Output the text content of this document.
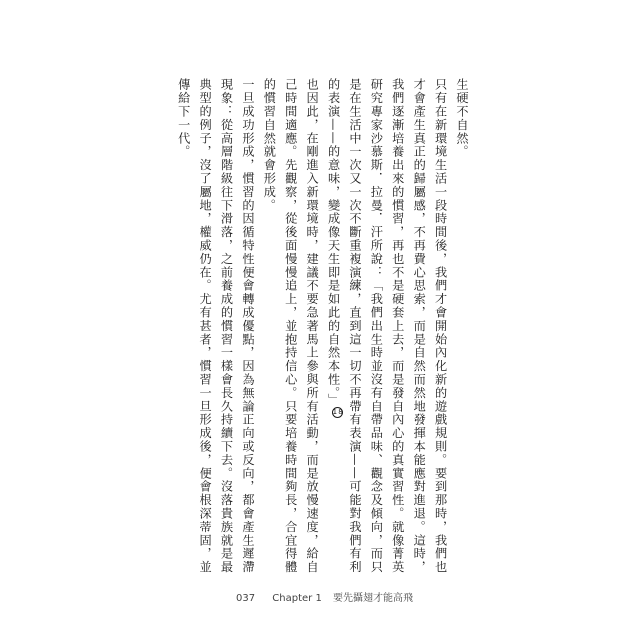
生硬不自然。

只有在新環境生活一段時間後，我們才會開始內化新的遊戲規則。要到那時，我們也才會產生真正的歸屬感，不再費心思索，而是自然而然地發揮本能應對進退。這時，我們逐漸培養出來的慣習，再也不是硬套上去，而是發自內心的真實習性。就像菁英研究專家沙慕斯．拉曼．汗所說：「我們出生時並沒有自帶品味、觀念及傾向，而只是在生活中一次又一次不斷重複演練，直到這一切不再帶有表演——可能對我們有利的表演——的意味，變成像天生即是如此的自然本性。」18

也因此，在剛進入新環境時，建議不要急著馬上參與所有活動，而是放慢速度，給自己時間適應。先觀察，從後面慢慢追上，並抱持信心。只要培養時間夠長，合宜得體的慣習自然就會形成。

一旦成功形成，慣習的因循特性便會轉成優點，因為無論正向或反向，都會產生遲滯現象：從高層階級往下滑落，之前養成的慣習一樣會長久持續下去。沒落貴族就是最典型的例子，沒了屬地，權威仍在。尤有甚者，慣習一旦形成後，便會根深蒂固，並傳給下一代。

037 Chapter 1 要先攝翅才能高飛
